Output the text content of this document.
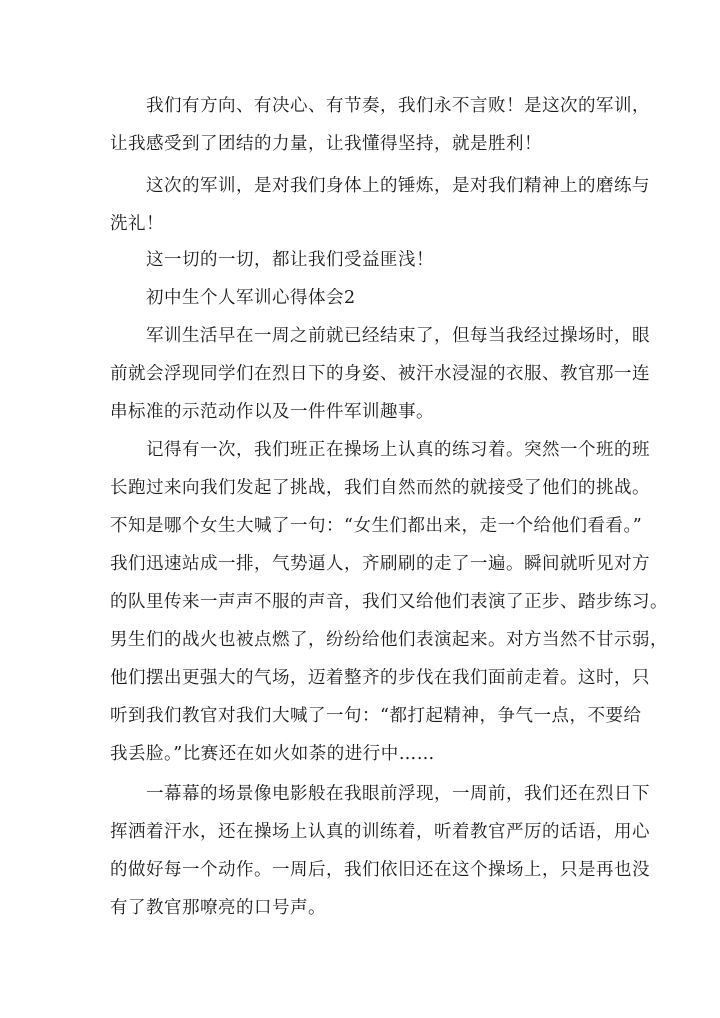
我们有方向、有决心、有节奏，我们永不言败！是这次的军训，
让我感受到了团结的力量，让我懂得坚持，就是胜利！
这次的军训，是对我们身体上的锤炼，是对我们精神上的磨练与
洗礼！
这一切的一切，都让我们受益匪浅！
初中生个人军训心得体会2
军训生活早在一周之前就已经结束了，但每当我经过操场时，眼
前就会浮现同学们在烈日下的身姿、被汗水浸湿的衣服、教官那一连
串标准的示范动作以及一件件军训趣事。
记得有一次，我们班正在操场上认真的练习着。突然一个班的班
长跑过来向我们发起了挑战，我们自然而然的就接受了他们的挑战。
不知是哪个女生大喊了一句：“女生们都出来，走一个给他们看看。”
我们迅速站成一排，气势逼人，齐刷刷的走了一遍。瞬间就听见对方
的队里传来一声声不服的声音，我们又给他们表演了正步、踏步练习。
男生们的战火也被点燃了，纷纷给他们表演起来。对方当然不甘示弱，
他们摆出更强大的气场，迈着整齐的步伐在我们面前走着。这时，只
听到我们教官对我们大喊了一句：“都打起精神，争气一点，不要给
我丢脸。”比赛还在如火如荼的进行中……
一幕幕的场景像电影般在我眼前浮现，一周前，我们还在烈日下
挥洒着汗水，还在操场上认真的训练着，听着教官严厉的话语，用心
的做好每一个动作。一周后，我们依旧还在这个操场上，只是再也没
有了教官那嘹亮的口号声。
